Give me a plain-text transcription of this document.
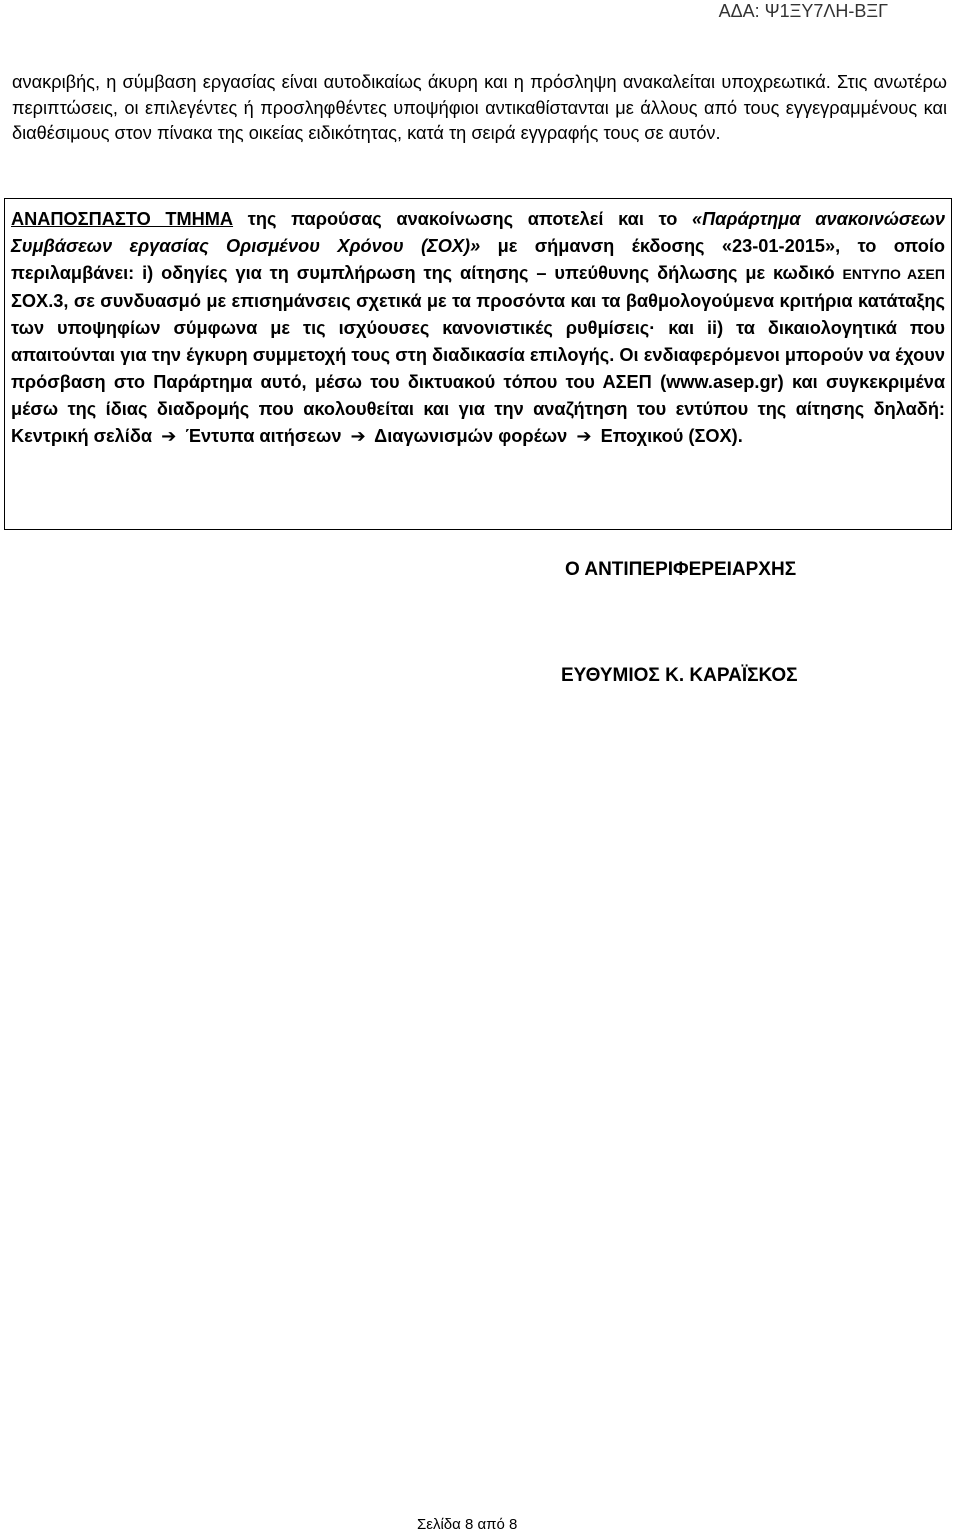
ΑΔΑ: Ψ1ΞΥ7ΛΗ-ΒΞΓ

ανακριβής, η σύμβαση εργασίας είναι αυτοδικαίως άκυρη και η πρόσληψη ανακαλείται υποχρεωτικά. Στις ανωτέρω περιπτώσεις, οι επιλεγέντες ή προσληφθέντες υποψήφιοι αντικαθίστανται με άλλους από τους εγγεγραμμένους και διαθέσιμους στον πίνακα της οικείας ειδικότητας, κατά τη σειρά εγγραφής τους σε αυτόν.

ΑΝΑΠΟΣΠΑΣΤΟ ΤΜΗΜΑ της παρούσας ανακοίνωσης αποτελεί και το «Παράρτημα ανακοινώσεων Συμβάσεων εργασίας Ορισμένου Χρόνου (ΣΟΧ)» με σήμανση έκδοσης «23-01-2015», το οποίο περιλαμβάνει: i) οδηγίες για τη συμπλήρωση της αίτησης – υπεύθυνης δήλωσης με κωδικό ΕΝΤΥΠΟ ΑΣΕΠ ΣΟΧ.3, σε συνδυασμό με επισημάνσεις σχετικά με τα προσόντα και τα βαθμολογούμενα κριτήρια κατάταξης των υποψηφίων σύμφωνα με τις ισχύουσες κανονιστικές ρυθμίσεις· και ii) τα δικαιολογητικά που απαιτούνται για την έγκυρη συμμετοχή τους στη διαδικασία επιλογής. Οι ενδιαφερόμενοι μπορούν να έχουν πρόσβαση στο Παράρτημα αυτό, μέσω του δικτυακού τόπου του ΑΣΕΠ (www.asep.gr) και συγκεκριμένα μέσω της ίδιας διαδρομής που ακολουθείται και για την αναζήτηση του εντύπου της αίτησης δηλαδή: Κεντρική σελίδα ➔ Έντυπα αιτήσεων ➔ Διαγωνισμών φορέων ➔ Εποχικού (ΣΟΧ).

Ο ΑΝΤΙΠΕΡΙΦΕΡΕΙΑΡΧΗΣ
ΕΥΘΥΜΙΟΣ Κ. ΚΑΡΑΪΣΚΟΣ
Σελίδα 8 από 8
